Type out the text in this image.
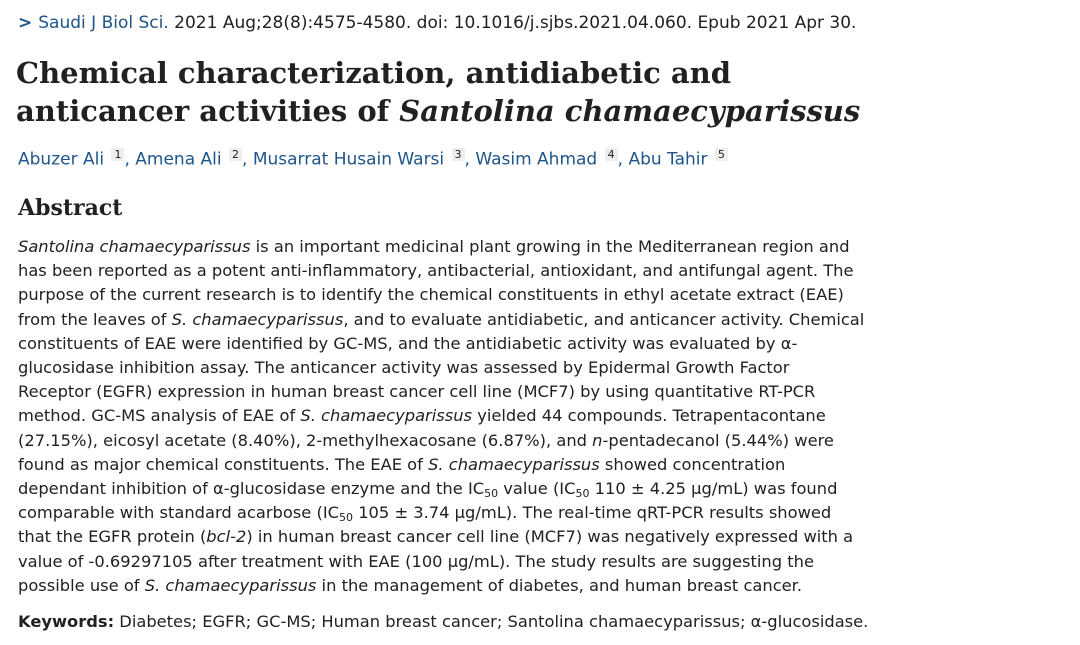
> Saudi J Biol Sci. 2021 Aug;28(8):4575-4580. doi: 10.1016/j.sjbs.2021.04.060. Epub 2021 Apr 30.
Chemical characterization, antidiabetic and
anticancer activities of Santolina chamaecyparissus
Abuzer Ali $^1$ , Amena Ali $^2$ , Musarrat Husain Warsi $^3$ , Wasim Ahmad $^4$ , Abu Tahir $^5$
Abstract
Santolina chamaecyparissus is an important medicinal plant growing in the Mediterranean region and
has been reported as a potent anti-inflammatory, antibacterial, antioxidant, and antifungal agent. The
purpose of the current research is to identify the chemical constituents in ethyl acetate extract (EAE)
from the leaves of S. chamaecyparissus, and to evaluate antidiabetic, and anticancer activity. Chemical
constituents of EAE were identified by GC-MS, and the antidiabetic activity was evaluated by α-
glucosidase inhibition assay. The anticancer activity was assessed by Epidermal Growth Factor
Receptor (EGFR) expression in human breast cancer cell line (MCF7) by using quantitative RT-PCR
method. GC-MS analysis of EAE of S. chamaecyparissus yielded 44 compounds. Tetrapentacontane
(27.15%), eicosyl acetate (8.40%), 2-methylhexacosane (6.87%), and n-pentadecanol (5.44%) were
found as major chemical constituents. The EAE of S. chamaecyparissus showed concentration
dependant inhibition of α-glucosidase enzyme and the $IC_{50}$ value ($IC_{50}$ 110 ± 4.25 μg/mL) was found
comparable with standard acarbose ($IC_{50}$ 105 ± 3.74 μg/mL). The real-time qRT-PCR results showed
that the EGFR protein (bcl-2) in human breast cancer cell line (MCF7) was negatively expressed with a
value of -0.69297105 after treatment with EAE (100 μg/mL). The study results are suggesting the
possible use of S. chamaecyparissus in the management of diabetes, and human breast cancer.
Keywords: Diabetes; EGFR; GC-MS; Human breast cancer; Santolina chamaecyparissus; α-glucosidase.
